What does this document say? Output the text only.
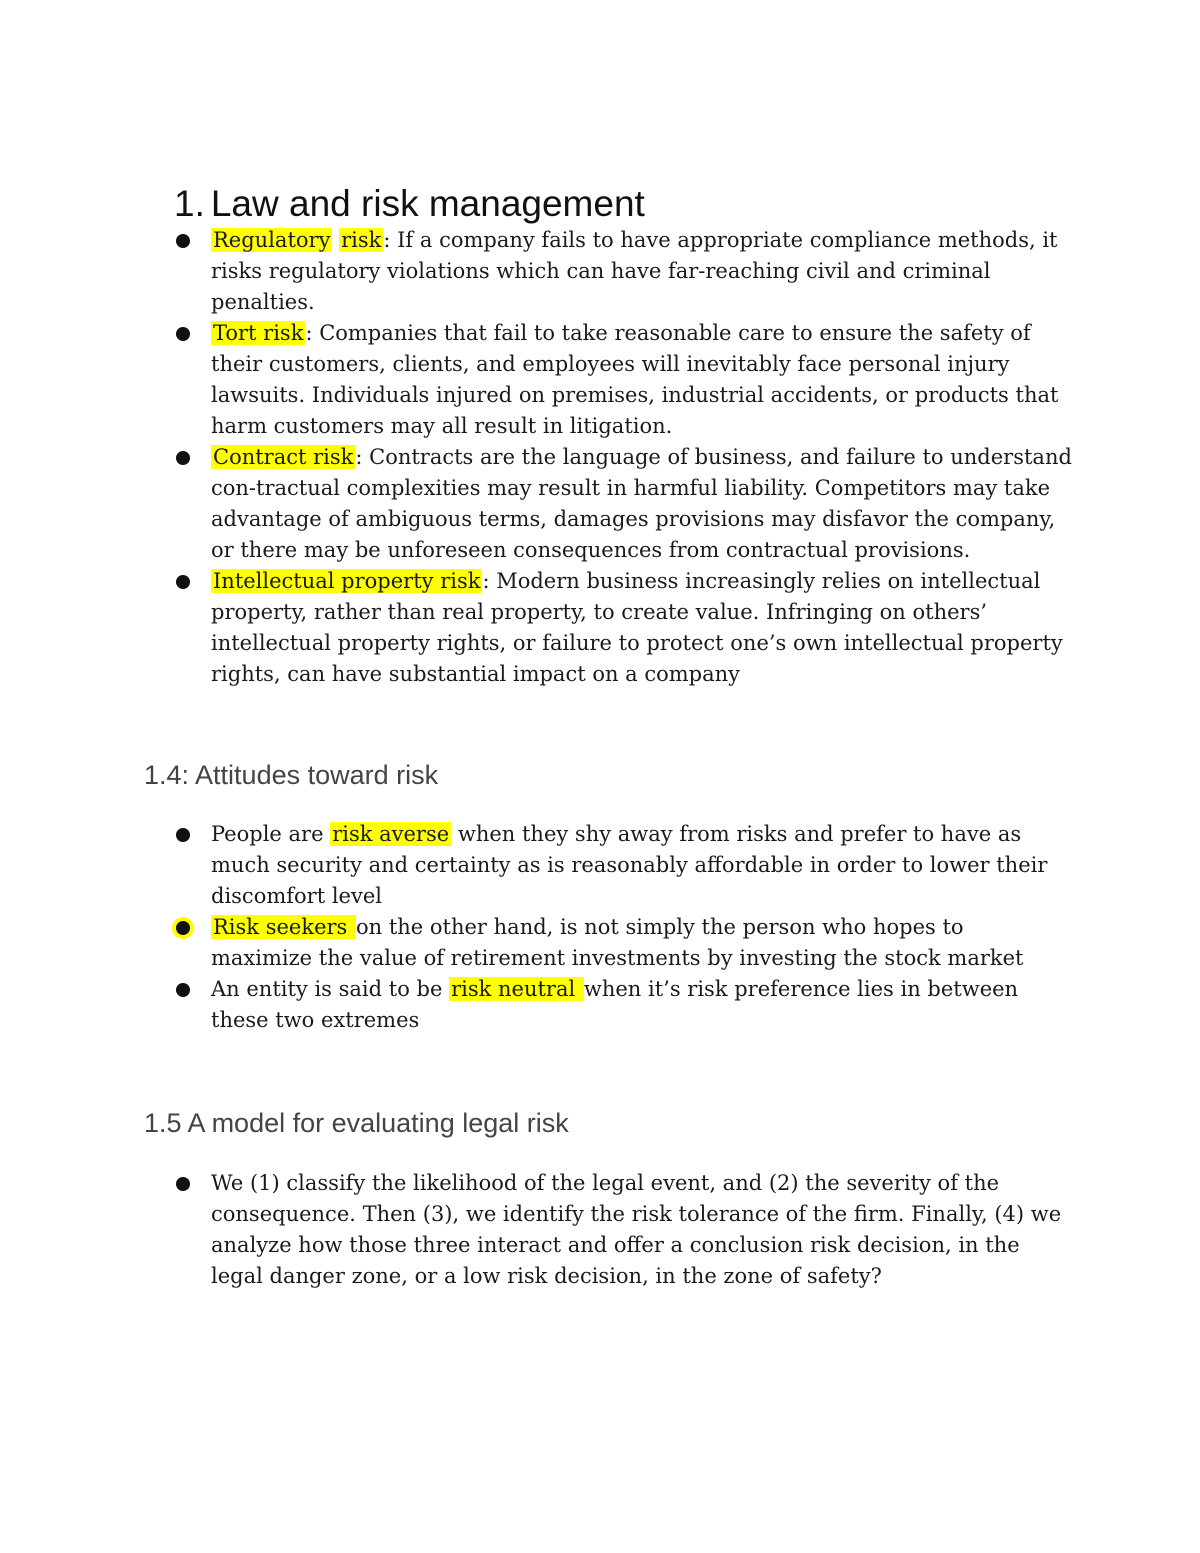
1. Law and risk management
Regulatory risk: If a company fails to have appropriate compliance methods, it
risks regulatory violations which can have far-reaching civil and criminal
penalties.
Tort risk: Companies that fail to take reasonable care to ensure the safety of
their customers, clients, and employees will inevitably face personal injury
lawsuits. Individuals injured on premises, industrial accidents, or products that
harm customers may all result in litigation.
Contract risk: Contracts are the language of business, and failure to understand
con-tractual complexities may result in harmful liability. Competitors may take
advantage of ambiguous terms, damages provisions may disfavor the company,
or there may be unforeseen consequences from contractual provisions.
Intellectual property risk: Modern business increasingly relies on intellectual
property, rather than real property, to create value. Infringing on others’
intellectual property rights, or failure to protect one’s own intellectual property
rights, can have substantial impact on a company
1.4: Attitudes toward risk
People are risk averse when they shy away from risks and prefer to have as
much security and certainty as is reasonably affordable in order to lower their
discomfort level
Risk seekers on the other hand, is not simply the person who hopes to
maximize the value of retirement investments by investing the stock market
An entity is said to be risk neutral when it’s risk preference lies in between
these two extremes
1.5 A model for evaluating legal risk
We (1) classify the likelihood of the legal event, and (2) the severity of the
consequence. Then (3), we identify the risk tolerance of the firm. Finally, (4) we
analyze how those three interact and offer a conclusion risk decision, in the
legal danger zone, or a low risk decision, in the zone of safety?
